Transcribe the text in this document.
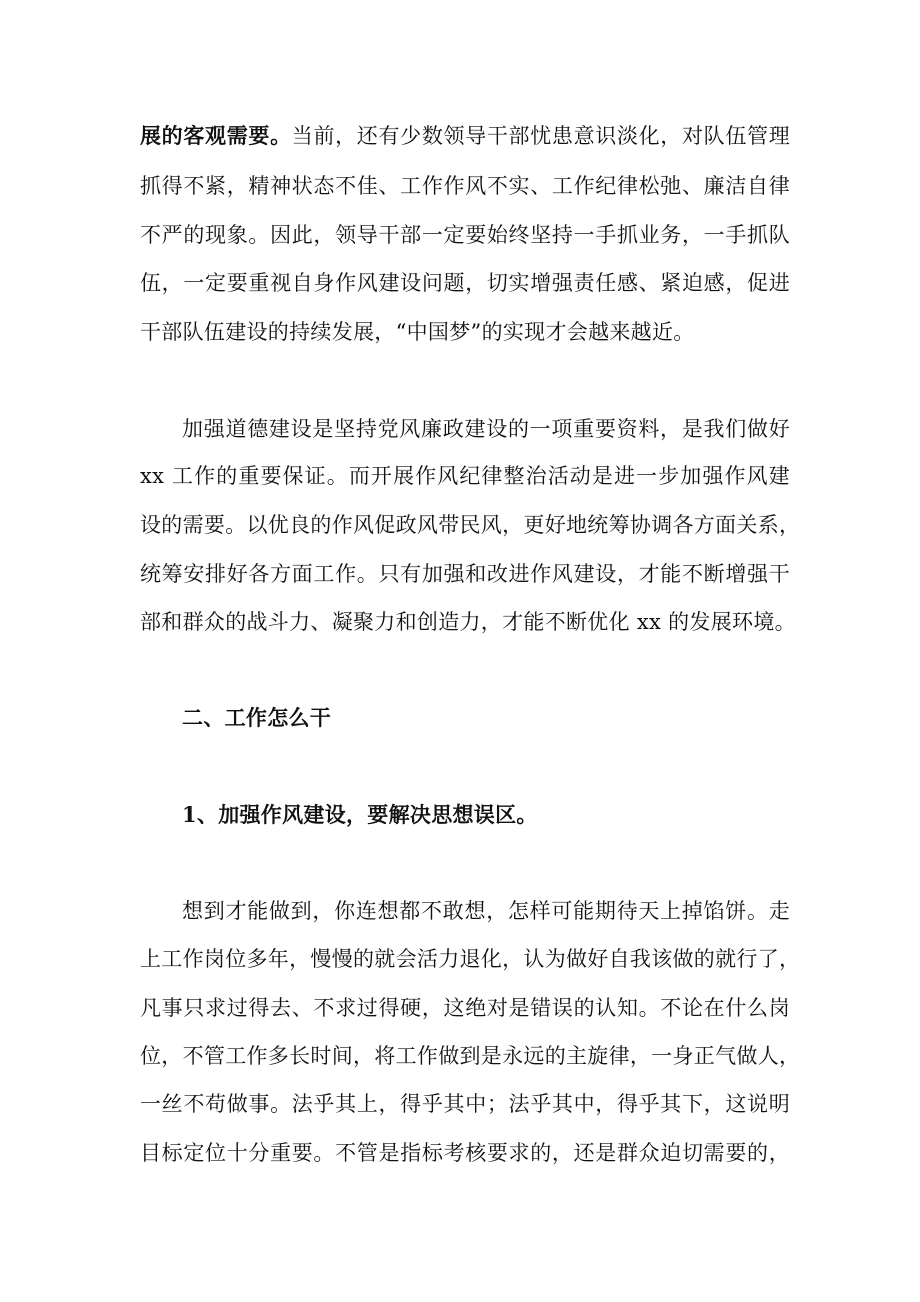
展的客观需要。当前，还有少数领导干部忧患意识淡化，对队伍管理
抓得不紧，精神状态不佳、工作作风不实、工作纪律松弛、廉洁自律
不严的现象。因此，领导干部一定要始终坚持一手抓业务，一手抓队
伍，一定要重视自身作风建设问题，切实增强责任感、紧迫感，促进
干部队伍建设的持续发展，“中国梦”的实现才会越来越近。
加强道德建设是坚持党风廉政建设的一项重要资料，是我们做好
xx 工作的重要保证。而开展作风纪律整治活动是进一步加强作风建
设的需要。以优良的作风促政风带民风，更好地统筹协调各方面关系，
统筹安排好各方面工作。只有加强和改进作风建设，才能不断增强干
部和群众的战斗力、凝聚力和创造力，才能不断优化 xx 的发展环境。
二、工作怎么干
1、加强作风建设，要解决思想误区。
想到才能做到，你连想都不敢想，怎样可能期待天上掉馅饼。走
上工作岗位多年，慢慢的就会活力退化，认为做好自我该做的就行了，
凡事只求过得去、不求过得硬，这绝对是错误的认知。不论在什么岗
位，不管工作多长时间，将工作做到是永远的主旋律，一身正气做人，
一丝不苟做事。法乎其上，得乎其中；法乎其中，得乎其下，这说明
目标定位十分重要。不管是指标考核要求的，还是群众迫切需要的，
